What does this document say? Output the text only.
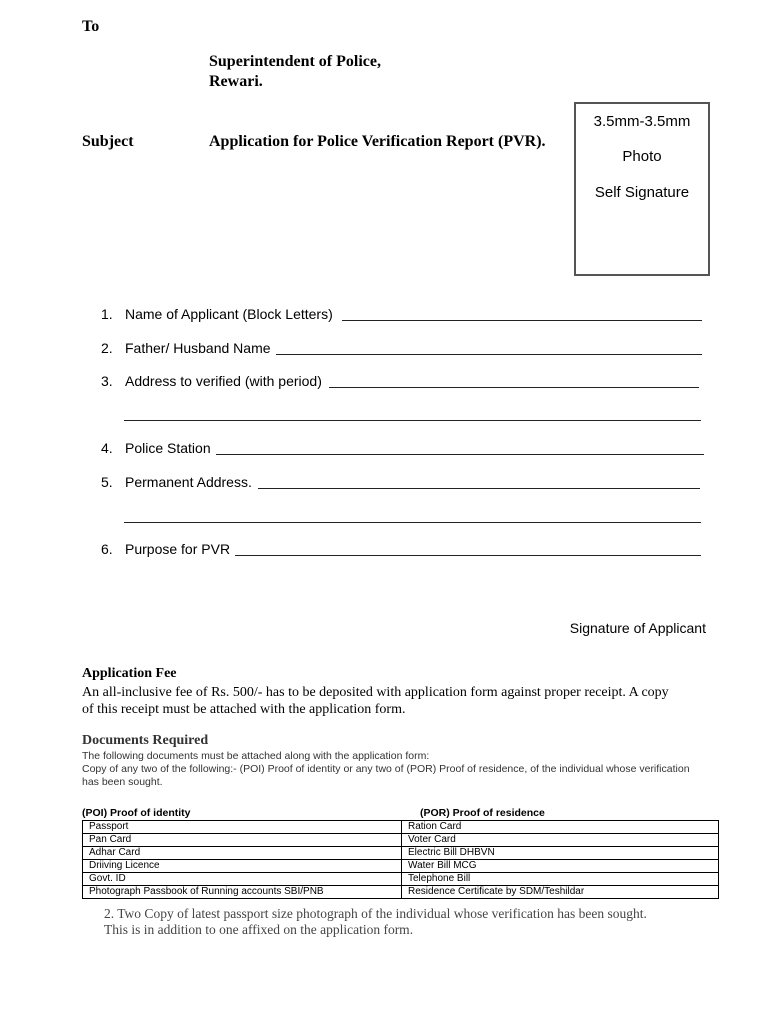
To
Superintendent of Police,
Rewari.
Subject	Application for Police Verification Report (PVR).
3.5mm-3.5mm
Photo
Self Signature
1. Name of Applicant (Block Letters)
2. Father/ Husband Name
3. Address to verified (with period)
4. Police Station
5. Permanent Address.
6. Purpose for PVR
Signature of Applicant
Application Fee
An all-inclusive fee of Rs. 500/- has to be deposited with application form against proper receipt. A copy of this receipt must be attached with the application form.
Documents Required
The following documents must be attached along with the application form:
Copy of any two of the following:- (POI) Proof of identity or any two of (POR) Proof of residence, of the individual whose verification has been sought.
(POI) Proof of identity	(POR) Proof of residence
Passport	Ration Card
Pan Card	Voter Card
Adhar Card	Electric Bill DHBVN
Driiving Licence	Water Bill MCG
Govt. ID	Telephone Bill
Photograph Passbook of Running accounts SBI/PNB	Residence Certificate by SDM/Teshildar
2. Two Copy of latest passport size photograph of the individual whose verification has been sought. This is in addition to one affixed on the application form.
